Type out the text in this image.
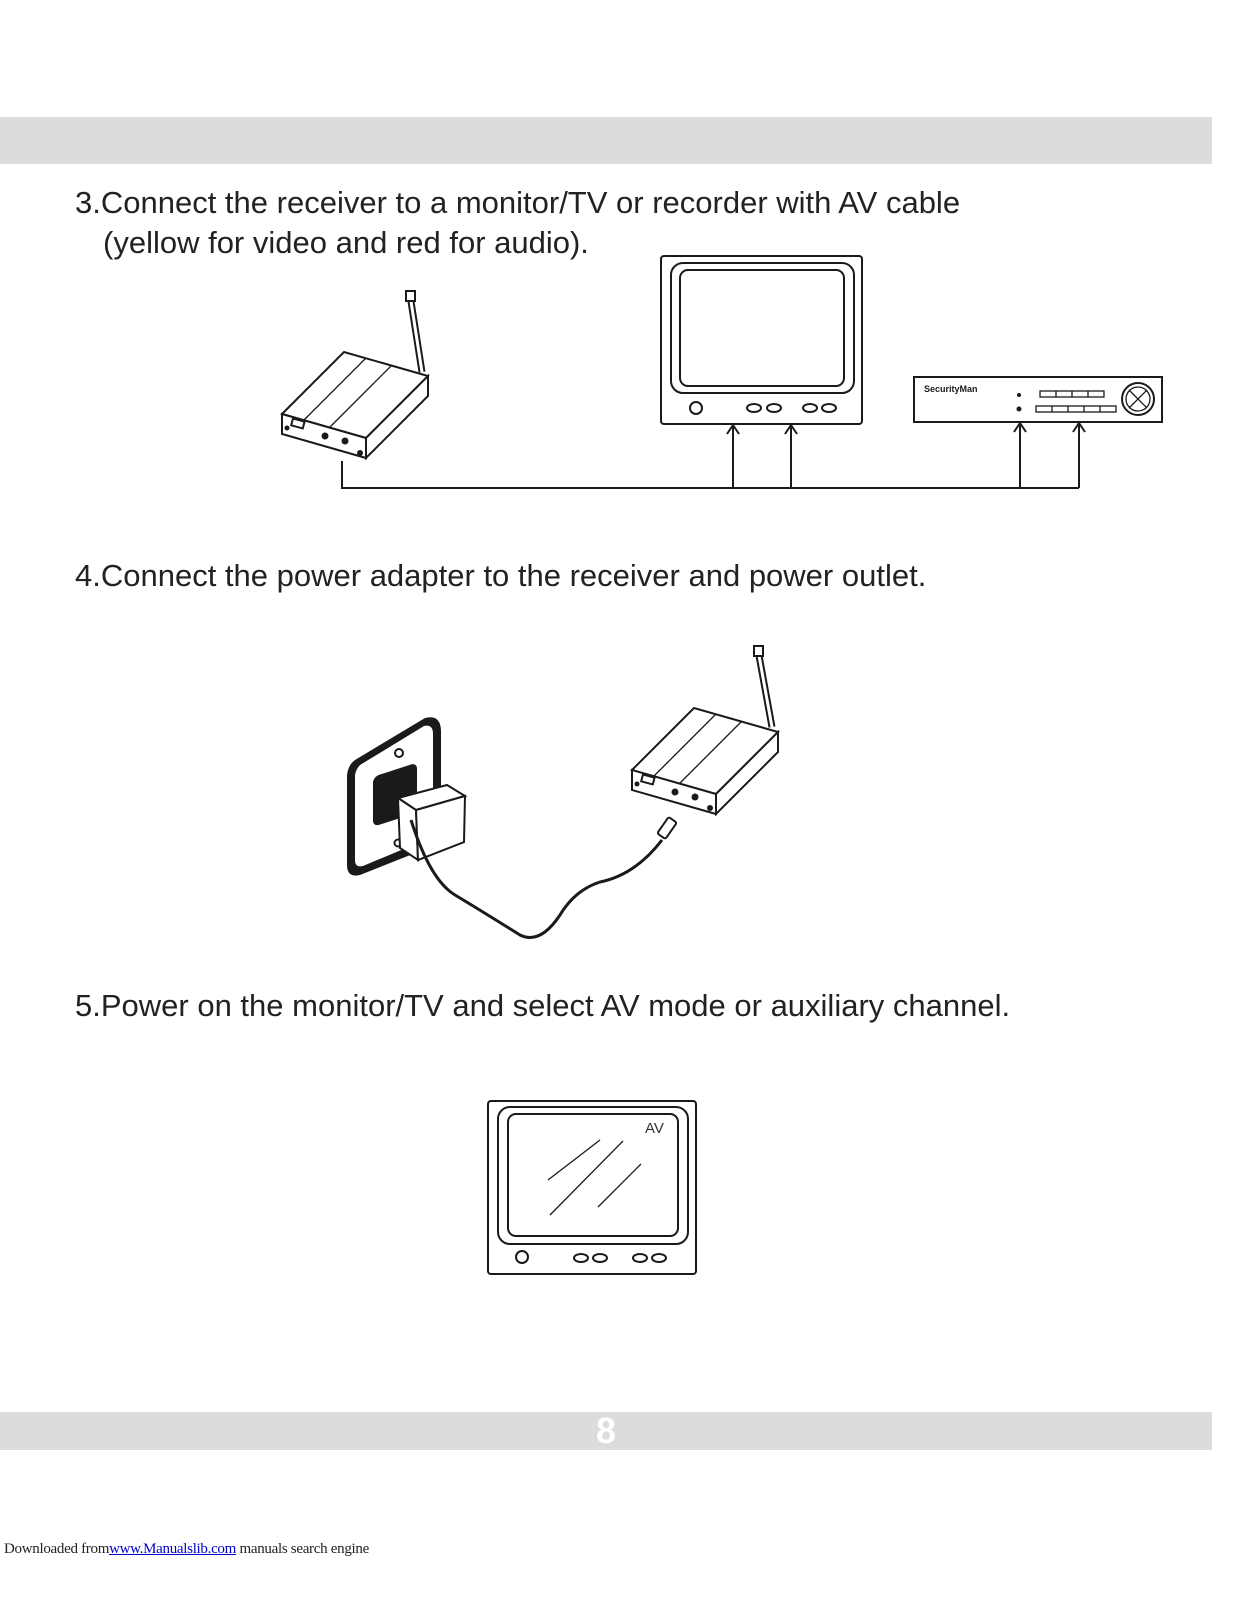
3.Connect the receiver to a monitor/TV or recorder with AV cable
(yellow for video and red for audio).
4.Connect the power adapter to the receiver and power outlet.
5.Power on the monitor/TV and select AV mode or auxiliary channel.
SecurityMan
AV
8
Downloaded fromwww.Manualslib.com manuals search engine
